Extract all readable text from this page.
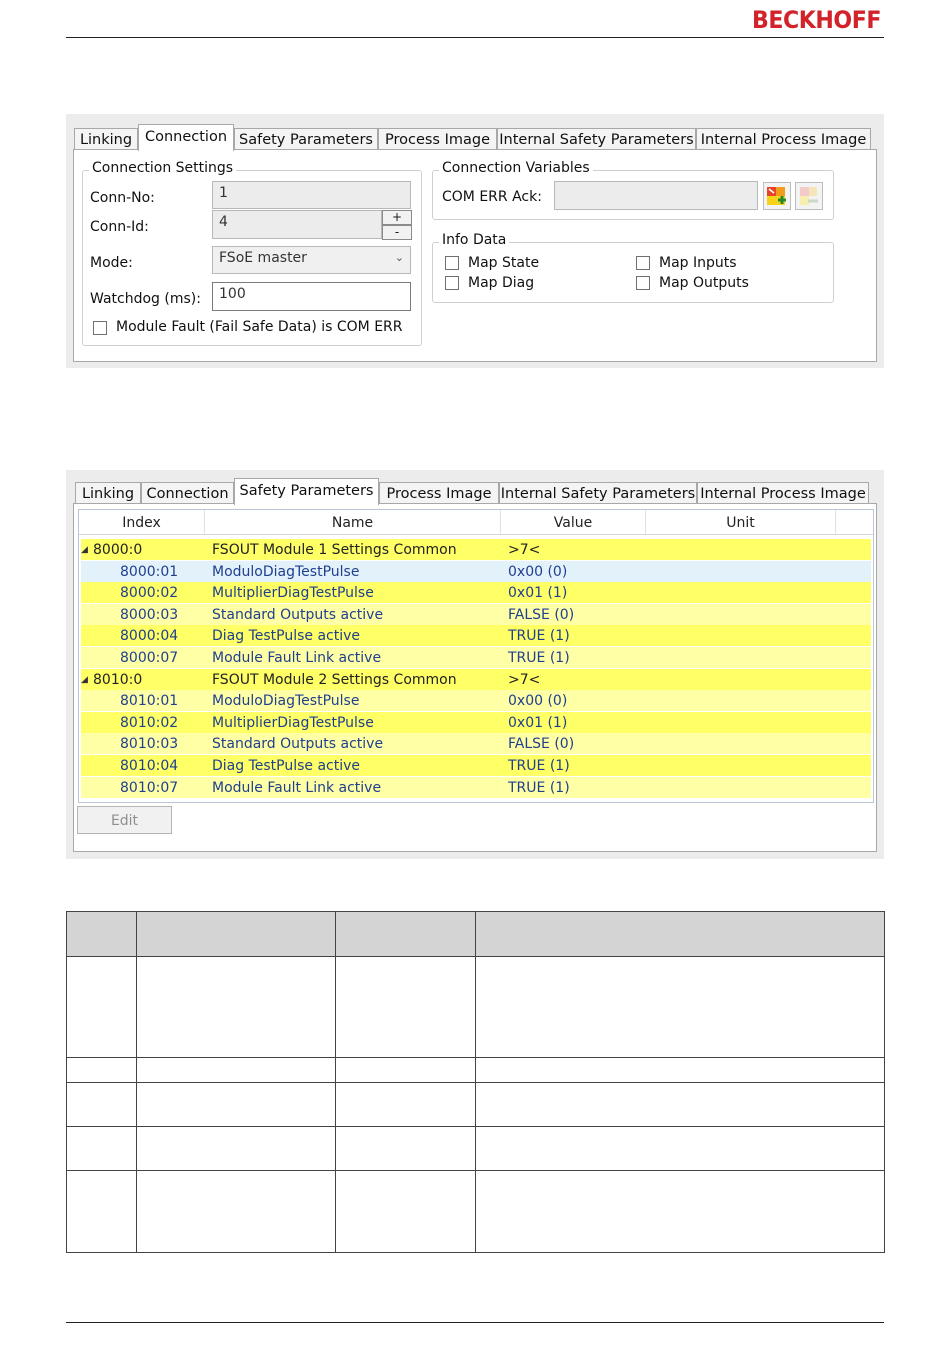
BECKHOFF
Linking Connection Safety Parameters Process Image Internal Safety Parameters Internal Process Image
Connection Settings
Conn-No:	1
Conn-Id:	4	+
-
Mode:	FSoE master	⌄
Watchdog (ms):	100
Module Fault (Fail Safe Data) is COM ERR
Connection Variables
COM ERR Ack:
Info Data
Map State
Map Diag
Map Inputs
Map Outputs
Linking Connection Safety Parameters Process Image Internal Safety Parameters Internal Process Image
Index	Name	Value	Unit
◢ 8000:0	FSOUT Module 1 Settings Common	>7<
8000:01 ModuloDiagTestPulse	0x00 (0)
8000:02 MultiplierDiagTestPulse	0x01 (1)
8000:03 Standard Outputs active	FALSE (0)
8000:04 Diag TestPulse active	TRUE (1)
8000:07 Module Fault Link active	TRUE (1)
◢ 8010:0	FSOUT Module 2 Settings Common	>7<
8010:01 ModuloDiagTestPulse	0x00 (0)
8010:02 MultiplierDiagTestPulse	0x01 (1)
8010:03 Standard Outputs active	FALSE (0)
8010:04 Diag TestPulse active	TRUE (1)
8010:07 Module Fault Link active	TRUE (1)
Edit
